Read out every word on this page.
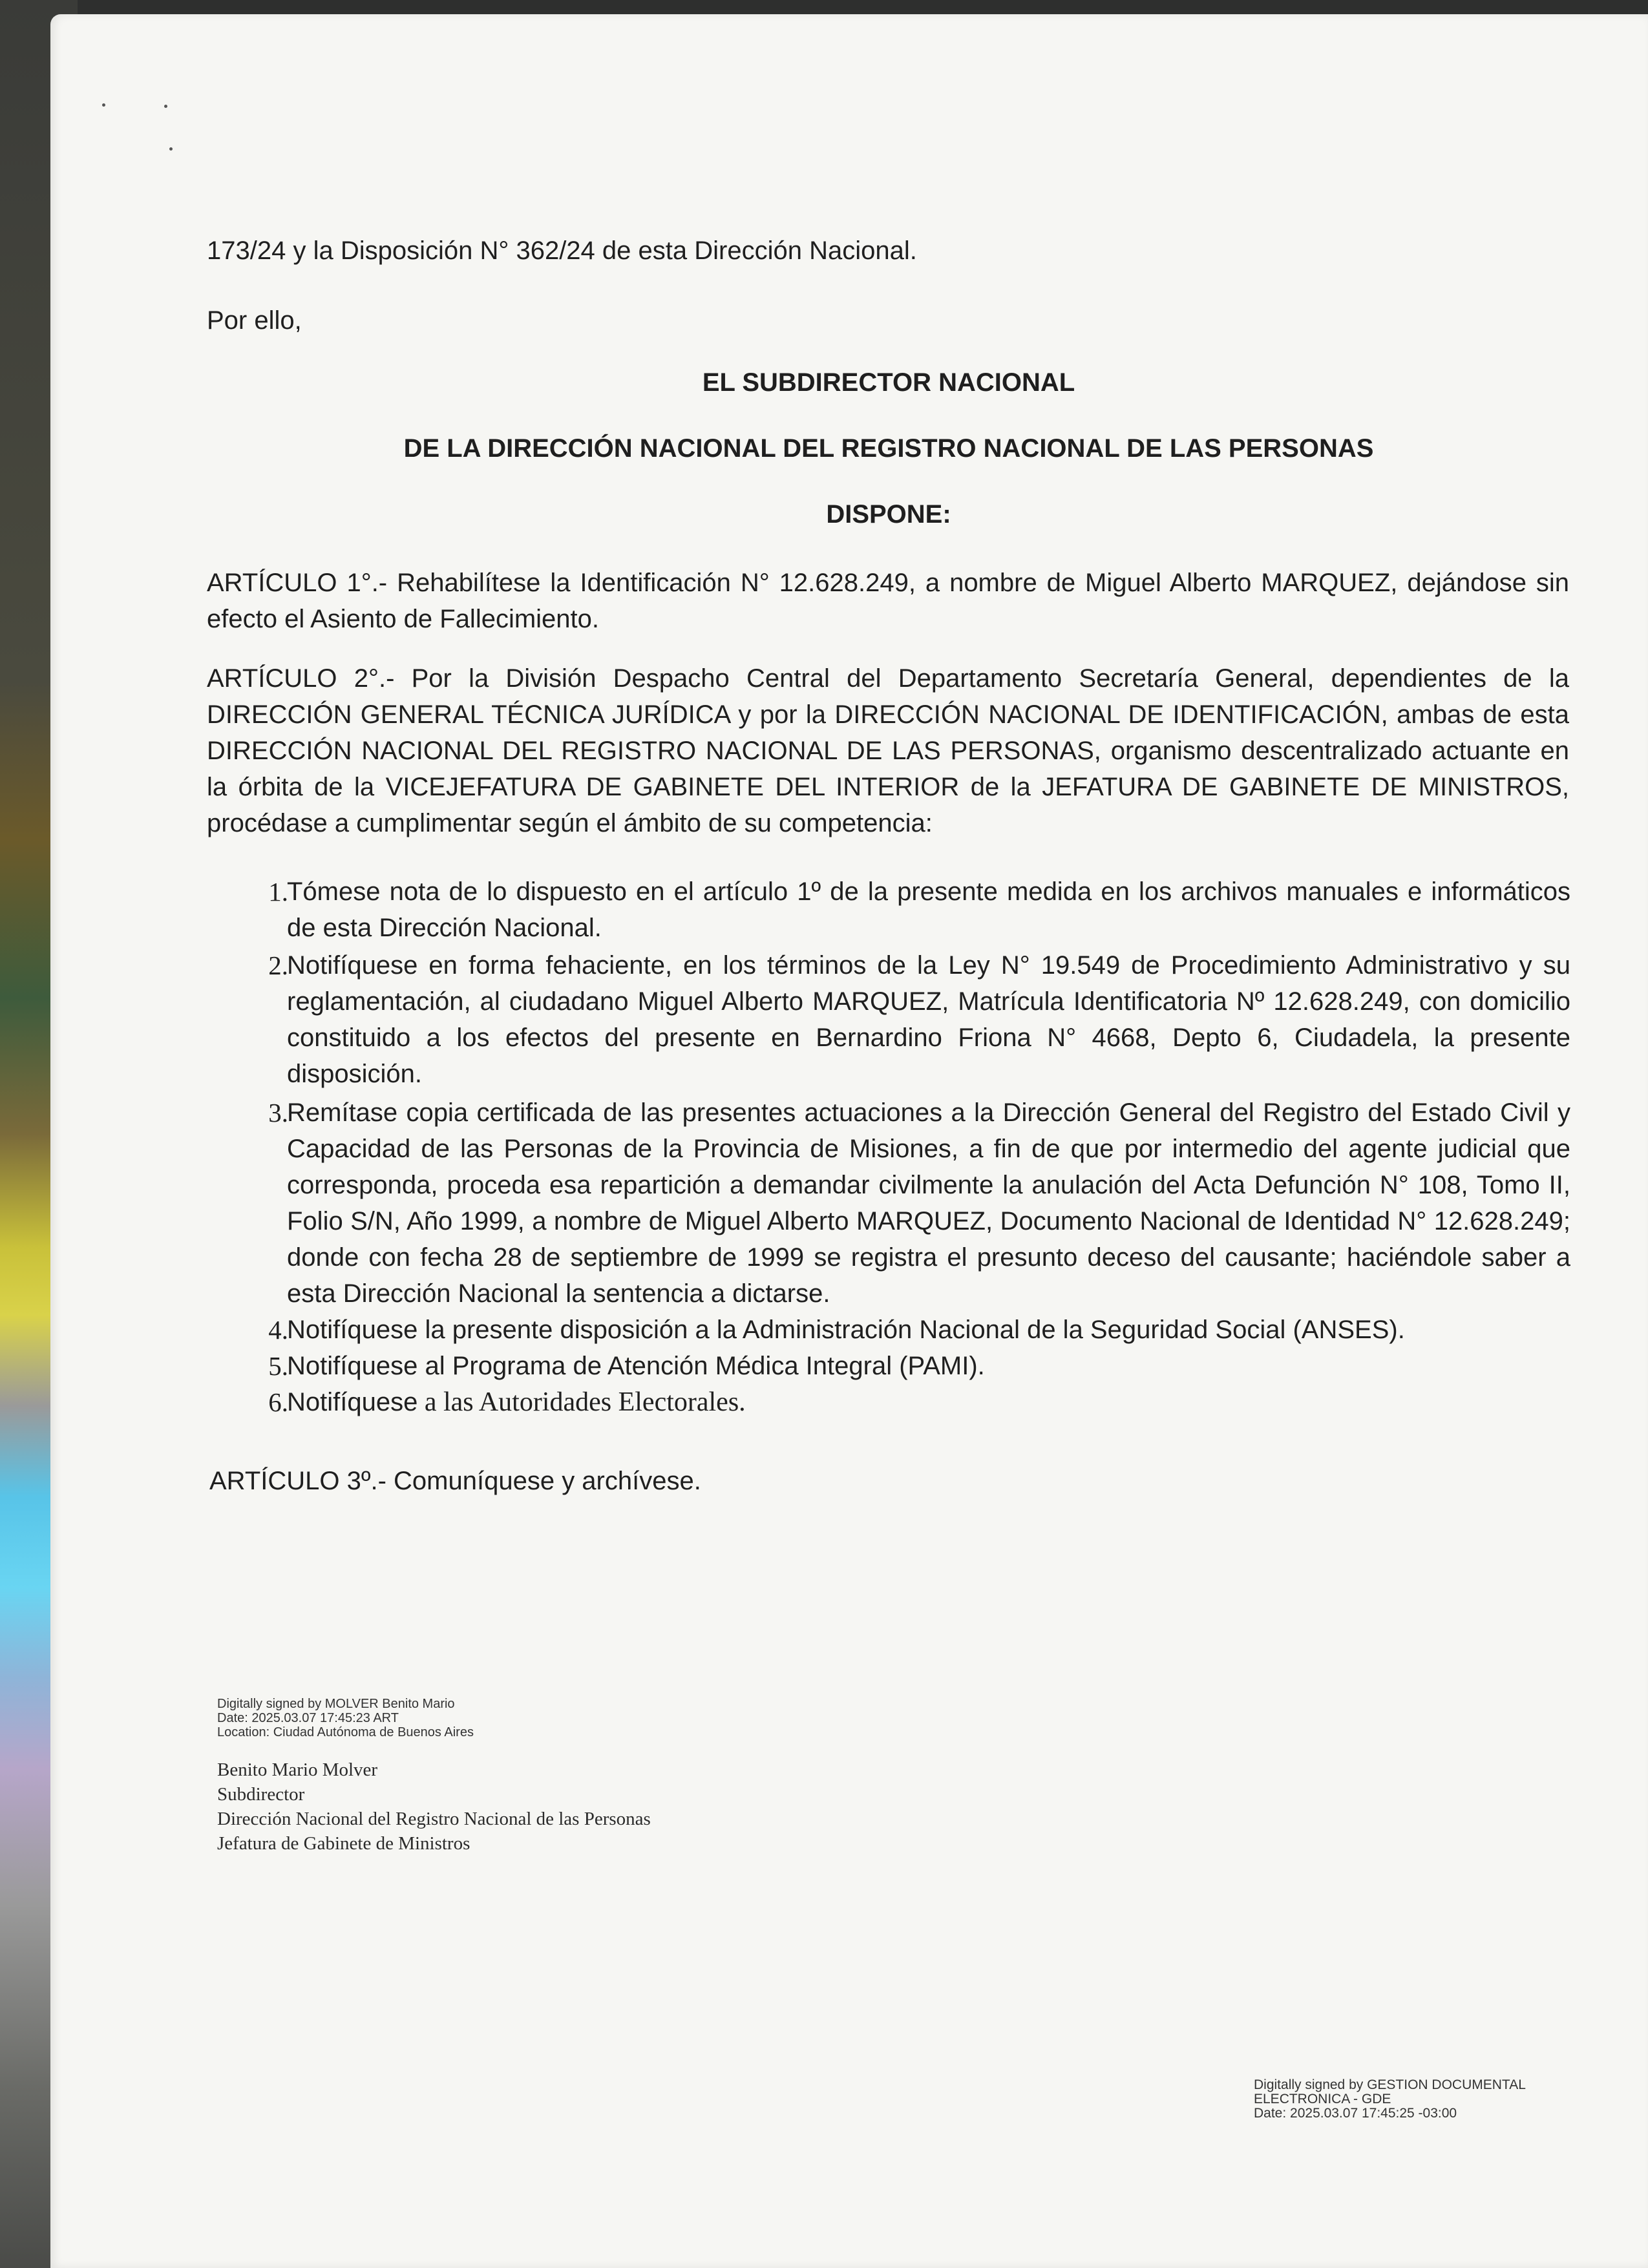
173/24 y la Disposición N° 362/24 de esta Dirección Nacional.
Por ello,
EL SUBDIRECTOR NACIONAL
DE LA DIRECCIÓN NACIONAL DEL REGISTRO NACIONAL DE LAS PERSONAS
DISPONE:
ARTÍCULO 1°.- Rehabilítese la Identificación N° 12.628.249, a nombre de Miguel Alberto MARQUEZ, dejándose sin efecto el Asiento de Fallecimiento.
ARTÍCULO 2°.- Por la División Despacho Central del Departamento Secretaría General, dependientes de la DIRECCIÓN GENERAL TÉCNICA JURÍDICA y por la DIRECCIÓN NACIONAL DE IDENTIFICACIÓN, ambas de esta DIRECCIÓN NACIONAL DEL REGISTRO NACIONAL DE LAS PERSONAS, organismo descentralizado actuante en la órbita de la VICEJEFATURA DE GABINETE DEL INTERIOR de la JEFATURA DE GABINETE DE MINISTROS, procédase a cumplimentar según el ámbito de su competencia:
1.
Tómese nota de lo dispuesto en el artículo 1º de la presente medida en los archivos manuales e informáticos de esta Dirección Nacional.
2.
Notifíquese en forma fehaciente, en los términos de la Ley N° 19.549 de Procedimiento Administrativo y su reglamentación, al ciudadano Miguel Alberto MARQUEZ, Matrícula Identificatoria Nº 12.628.249, con domicilio constituido a los efectos del presente en Bernardino Friona N° 4668, Depto 6, Ciudadela, la presente disposición.
3.
Remítase copia certificada de las presentes actuaciones a la Dirección General del Registro del Estado Civil y Capacidad de las Personas de la Provincia de Misiones, a fin de que por intermedio del agente judicial que corresponda, proceda esa repartición a demandar civilmente la anulación del Acta Defunción N° 108, Tomo II, Folio S/N, Año 1999, a nombre de Miguel Alberto MARQUEZ, Documento Nacional de Identidad N° 12.628.249; donde con fecha 28 de septiembre de 1999 se registra el presunto deceso del causante; haciéndole saber a esta Dirección Nacional la sentencia a dictarse.
4.
Notifíquese la presente disposición a la Administración Nacional de la Seguridad Social (ANSES).
5.
Notifíquese al Programa de Atención Médica Integral (PAMI).
6.
Notifíquese a las Autoridades Electorales.
ARTÍCULO 3º.- Comuníquese y archívese.
Digitally signed by MOLVER Benito Mario
Date: 2025.03.07 17:45:23 ART
Location: Ciudad Autónoma de Buenos Aires
Benito Mario Molver
Subdirector
Dirección Nacional del Registro Nacional de las Personas
Jefatura de Gabinete de Ministros
Digitally signed by GESTION DOCUMENTAL
ELECTRONICA - GDE
Date: 2025.03.07 17:45:25 -03:00
